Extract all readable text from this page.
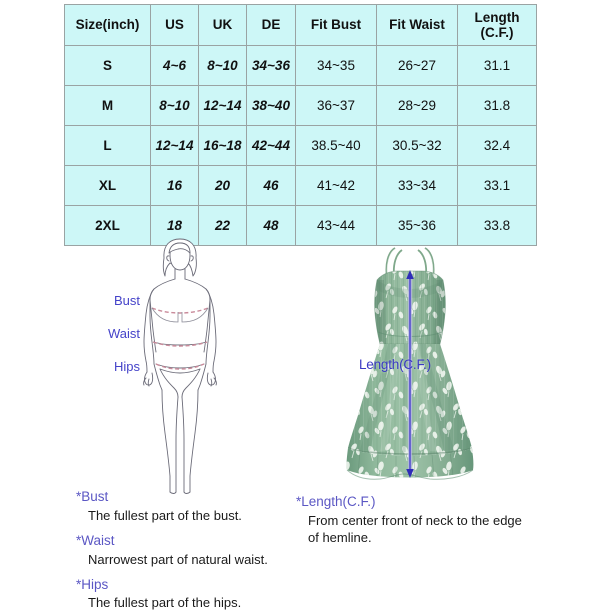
Size(inch)	US	UK	DE	Fit Bust	Fit Waist	Length
(C.F.)
S	4~6	8~10	34~36	34~35	26~27	31.1
M	8~10	12~14	38~40	36~37	28~29	31.8
L	12~14	16~18	42~44	38.5~40	30.5~32	32.4
XL	16	20	46	41~42	33~34	33.1
2XL	18	22	48	43~44	35~36	33.8
Bust
Waist
Hips	Length(C.F.)

*Bust

The fullest part of the bust.

*Waist

Narrowest part of natural waist.

*Hips

The fullest part of the hips.

*Length(C.F.)

From center front of neck to the edge of hemline.
